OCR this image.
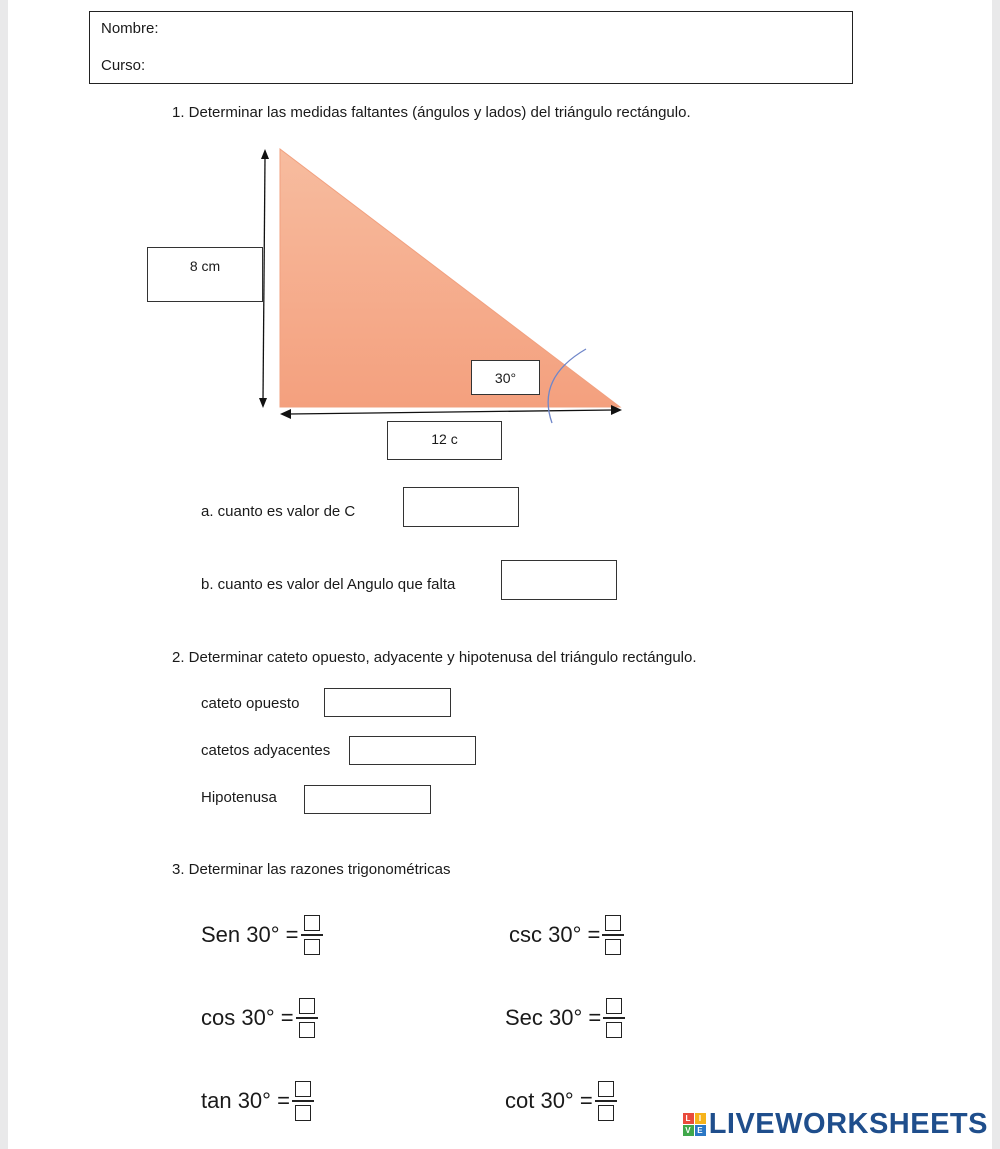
Nombre:
Curso:
1. Determinar las medidas faltantes (ángulos y lados) del triángulo rectángulo.
8 cm
30°
12 c
a. cuanto es valor de C
b. cuanto es valor del Angulo que falta
2. Determinar cateto opuesto, adyacente y hipotenusa del triángulo rectángulo.
cateto opuesto
catetos adyacentes
Hipotenusa
3. Determinar las razones trigonométricas
Sen 30° =	csc 30° =
cos 30° =	Sec 30° =
tan 30° =	cot 30° =
L I
V E LIVEWORKSHEETS
